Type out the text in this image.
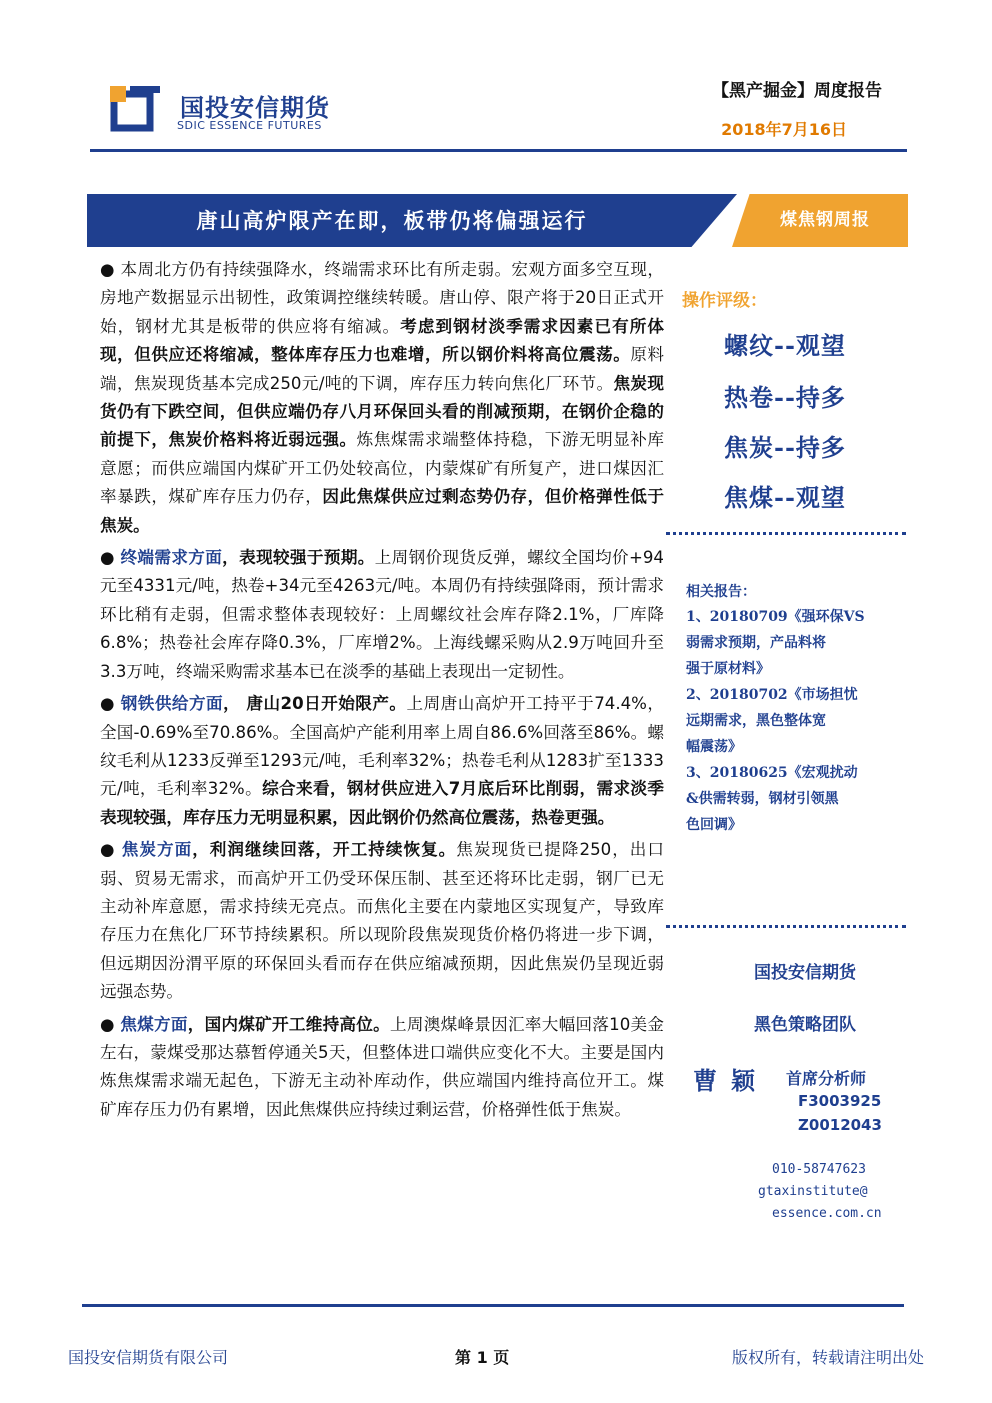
国投安信期货
SDIC ESSENCE FUTURES
【黑产掘金】周度报告
2018年7月16日
唐山高炉限产在即，板带仍将偏强运行	煤焦钢周报

● 本周北方仍有持续强降水，终端需求环比有所走弱。宏观方面多空互现，房地产数据显示出韧性，政策调控继续转暖。唐山停、限产将于20日正式开始，钢材尤其是板带的供应将有缩减。考虑到钢材淡季需求因素已有所体现，但供应还将缩减，整体库存压力也难增，所以钢价料将高位震荡。原料端，焦炭现货基本完成250元/吨的下调，库存压力转向焦化厂环节。焦炭现货仍有下跌空间，但供应端仍存八月环保回头看的削减预期，在钢价企稳的前提下，焦炭价格料将近弱远强。炼焦煤需求端整体持稳，下游无明显补库意愿；而供应端国内煤矿开工仍处较高位，内蒙煤矿有所复产，进口煤因汇率暴跌，煤矿库存压力仍存，因此焦煤供应过剩态势仍存，但价格弹性低于焦炭。

● 终端需求方面，表现较强于预期。上周钢价现货反弹，螺纹全国均价+94元至4331元/吨，热卷+34元至4263元/吨。本周仍有持续强降雨，预计需求环比稍有走弱，但需求整体表现较好：上周螺纹社会库存降2.1%，厂库降6.8%；热卷社会库存降0.3%，厂库增2%。上海线螺采购从2.9万吨回升至3.3万吨，终端采购需求基本已在淡季的基础上表现出一定韧性。

● 钢铁供给方面， 唐山20日开始限产。上周唐山高炉开工持平于74.4%，全国-0.69%至70.86%。全国高炉产能利用率上周自86.6%回落至86%。螺纹毛利从1233反弹至1293元/吨，毛利率32%；热卷毛利从1283扩至1333元/吨，毛利率32%。综合来看，钢材供应进入7月底后环比削弱，需求淡季表现较强，库存压力无明显积累，因此钢价仍然高位震荡，热卷更强。

● 焦炭方面，利润继续回落，开工持续恢复。焦炭现货已提降250，出口弱、贸易无需求，而高炉开工仍受环保压制、甚至还将环比走弱，钢厂已无主动补库意愿，需求持续无亮点。而焦化主要在内蒙地区实现复产，导致库存压力在焦化厂环节持续累积。所以现阶段焦炭现货价格仍将进一步下调，但远期因汾渭平原的环保回头看而存在供应缩减预期，因此焦炭仍呈现近弱远强态势。

● 焦煤方面，国内煤矿开工维持高位。上周澳煤峰景因汇率大幅回落10美金左右，蒙煤受那达慕暂停通关5天，但整体进口端供应变化不大。主要是国内炼焦煤需求端无起色，下游无主动补库动作，供应端国内维持高位开工。煤矿库存压力仍有累增，因此焦煤供应持续过剩运营，价格弹性低于焦炭。

操作评级：
螺纹--观望
热卷--持多
焦炭--持多
焦煤--观望
相关报告：
1、20180709《强环保VS
弱需求预期，产品料将
强于原材料》
2、20180702《市场担忧
远期需求，黑色整体宽
幅震荡》
3、20180625《宏观扰动
&供需转弱，钢材引领黑
色回调》
国投安信期货
黑色策略团队
曹颖 首席分析师
F3003925
Z0012043
010-58747623
gtaxinstitute@
essence.com.cn
国投安信期货有限公司	第 1 页	版权所有，转载请注明出处
